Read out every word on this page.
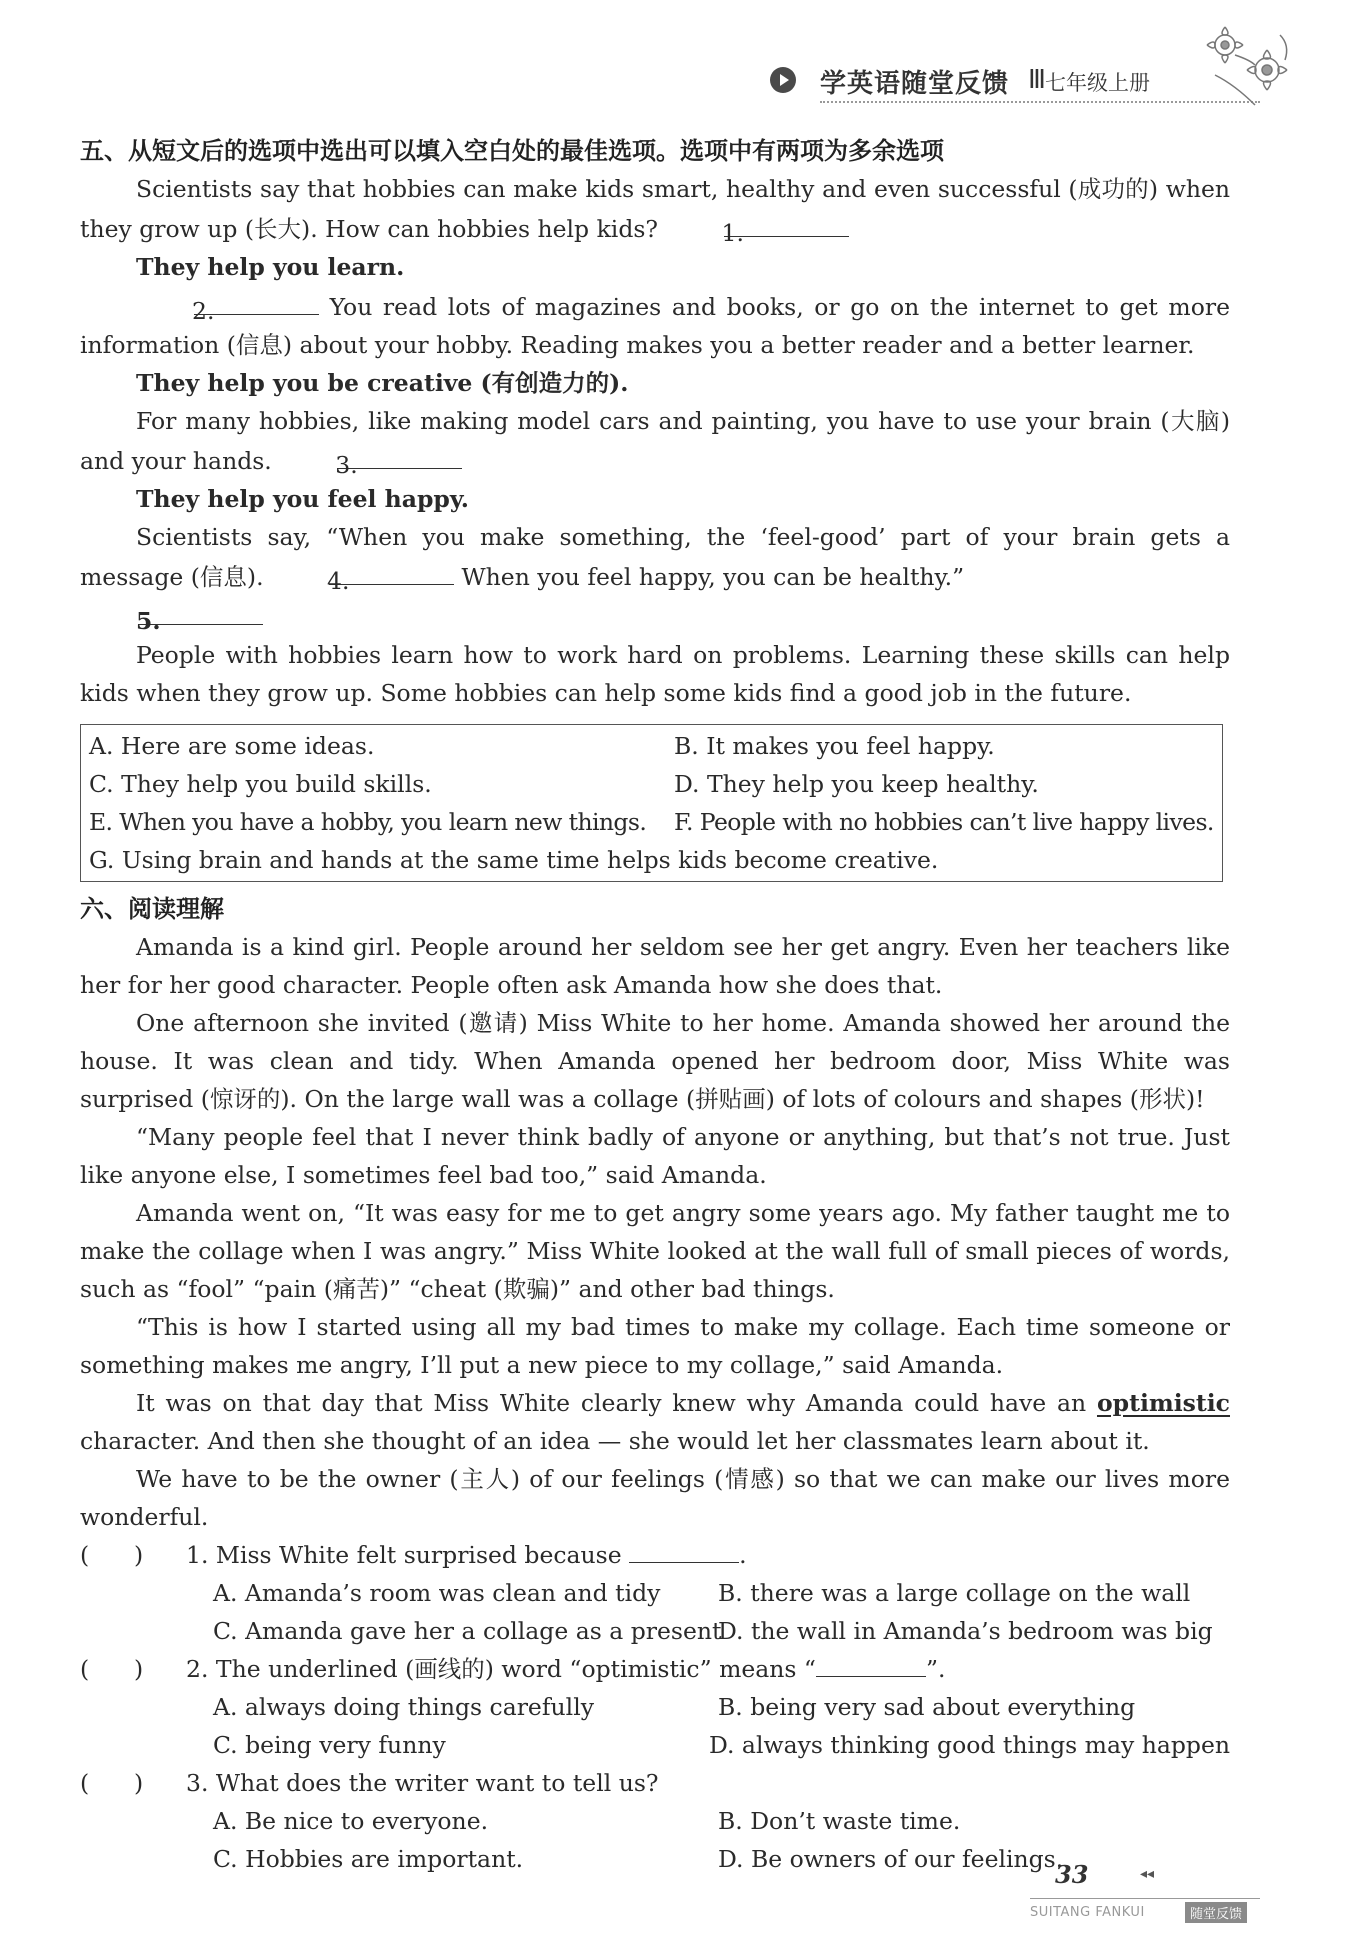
学英语随堂反馈 Ⅲ 七年级上册
五、从短文后的选项中选出可以填入空白处的最佳选项。选项中有两项为多余选项

Scientists say that hobbies can make kids smart, healthy and even successful (成功的) when they grow up (长大). How can hobbies help kids?	1.

They help you learn.

2.	You read lots of magazines and books, or go on the internet to get more information (信息) about your hobby. Reading makes you a better reader and a better learner.

They help you be creative (有创造力的).

For many hobbies, like making model cars and painting, you have to use your brain (大脑) and your hands.	3.

They help you feel happy.

Scientists say, “When you make something, the ‘feel-good’ part of your brain gets a message (信息).	4.	When you feel happy, you can be healthy.”

5.

People with hobbies learn how to work hard on problems. Learning these skills can help kids when they grow up. Some hobbies can help some kids find a good job in the future.

A. Here are some ideas.	B. It makes you feel happy.
C. They help you build skills.	D. They help you keep healthy.
E. When you have a hobby, you learn new things.	F. People with no hobbies can’t live happy lives.
G. Using brain and hands at the same time helps kids become creative.
六、阅读理解

Amanda is a kind girl. People around her seldom see her get angry. Even her teachers like her for her good character. People often ask Amanda how she does that.

One afternoon she invited (邀请) Miss White to her home. Amanda showed her around the house. It was clean and tidy. When Amanda opened her bedroom door, Miss White was surprised (惊讶的). On the large wall was a collage (拼贴画) of lots of colours and shapes (形状)!

“Many people feel that I never think badly of anyone or anything, but that’s not true. Just like anyone else, I sometimes feel bad too,” said Amanda.

Amanda went on, “It was easy for me to get angry some years ago. My father taught me to make the collage when I was angry.” Miss White looked at the wall full of small pieces of words, such as “fool” “pain (痛苦)” “cheat (欺骗)” and other bad things.

“This is how I started using all my bad times to make my collage. Each time someone or something makes me angry, I’ll put a new piece to my collage,” said Amanda.

It was on that day that Miss White clearly knew why Amanda could have an optimistic character. And then she thought of an idea — she would let her classmates learn about it.

We have to be the owner (主人) of our feelings (情感) so that we can make our lives more wonderful.

(      )	1. Miss White felt surprised because	.
A. Amanda’s room was clean and tidy	B. there was a large collage on the wall
C. Amanda gave her a collage as a present
D. the wall in Amanda’s bedroom was big
(      )	2. The underlined (画线的) word “optimistic” means “	”.
A. always doing things carefully	B. being very sad about everything
C. being very funny	D. always thinking good things may happen
(      )	3. What does the writer want to tell us?
A. Be nice to everyone.	B. Don’t waste time.
C. Hobbies are important.	D. Be owners of our feelings.
33	◂◂
SUITANG FANKUI	随堂反馈
